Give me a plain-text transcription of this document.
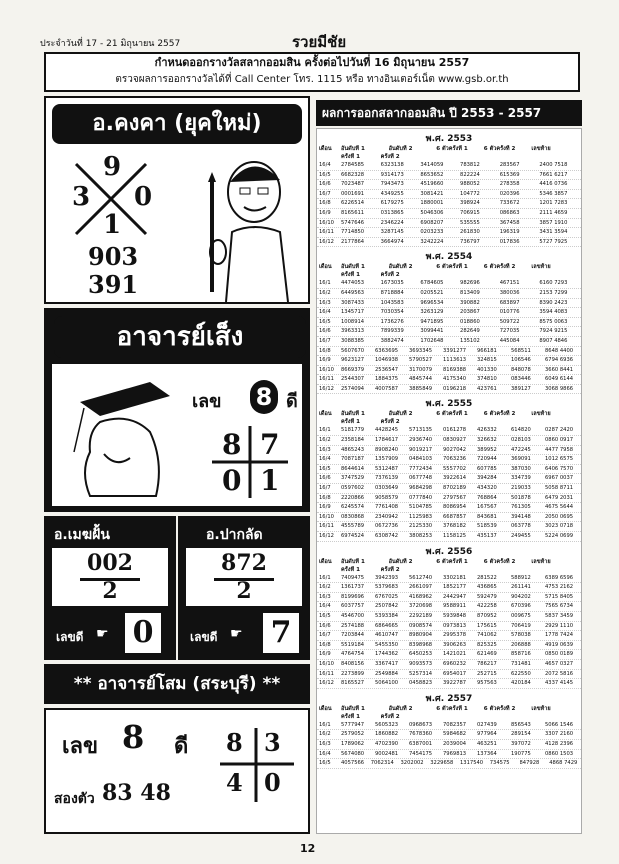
ประจำวันที่ 17 - 21 มิถุนายน 2557	รวยมีชัย
กำหนดออกรางวัลสลากออมสิน ครั้งต่อไปวันที่ 16 มิถุนายน 2557
ตรวจผลการออกรางวัลได้ที่ Call Center โทร. 1115 หรือ ทางอินเตอร์เน็ต www.gsb.or.th
อ.คงคา (ยุคใหม่)
9
3 0
1
903
391
อาจารย์เส็ง
เลข 8 ดี
8 7
0 1
อ.เมฆฝั้น
002
2
เลขดี ☛ 0
อ.ปากลัด
872
2
เลขดี ☛ 7
** อาจารย์โสม (สระบุรี) **
เลข 8 ดี
สองตัว 83 48
8 3
4 0
ผลการออกสลากออมสิน ปี 2553 - 2557
พ.ศ. 2553
เดือน	อันดับที่ 1	อันดับที่ 2	6 ตัวครั้งที่ 1	6 ตัวครั้งที่ 2	เลขท้าย
ครั้งที่ 1	ครั้งที่ 2
16/4	2784585	6323138	3414059	783812	283567	2400 7518
16/5	6682328	9314173	8653652	822224	615369	7661 6217
16/6	7023487	7943473	4519660	988052	278358	4416 0736
16/7	0001691	4349255	3081421	104772	020396	5346 3857
16/8	6226514	6179275	1880001	398924	733672	1201 7283
16/9	8165611	0313865	5046306	706915	086863	2111 4659
16/10	5747646	2346224	6908207	535555	367458	3857 1910
16/11	7714850	3287145	0203233	261830	196319	3431 3594
16/12	2177864	3664974	3242224	736797	017836	5727 7925
พ.ศ. 2554
เดือน	อันดับที่ 1	อันดับที่ 2	6 ตัวครั้งที่ 1	6 ตัวครั้งที่ 2	เลขท้าย
ครั้งที่ 1	ครั้งที่ 2
16/1	4474053	1673035	6784605	982696	467151	6160 7293
16/2	6449563	8718884	0205521	813409	380036	2153 7299
16/3	3087433	1043583	9696534	390882	683897	8390 2423
16/4	1345717	7030354	3263129	203867	010776	3594 4083
16/5	1008914	1736276	9471895	018860	509722	8575 0063
16/6	3963313	7899339	3099441	282649	727035	7924 9215
16/7	3088385	3882474	1702648	135102	445084	8907 4846
16/8	5607670	6363695	3693345	3391277	966181	568511	8648 4400
16/9	9623127	1046938	5790527	1113613	324815	106546	6794 6936
16/10	8669379	2536547	3170079	8169388	401330	848078	3660 8441
16/11	2544307	1884375	4845744	4175340	374810	083446	6049 6144
16/12	2574094	4007587	3885849	0196218	423761	389127	3068 9866
พ.ศ. 2555
เดือน	อันดับที่ 1	อันดับที่ 2	6 ตัวครั้งที่ 1	6 ตัวครั้งที่ 2	เลขท้าย
ครั้งที่ 1	ครั้งที่ 2
16/1	5181779	4428245	5713135	0161278	426332	614820	0287 2420
16/2	2358184	1784617	2936740	0830927	326632	028103	0860 0917
16/3	4865243	8908240	9019217	9027042	389952	472245	4477 7958
16/4	7087187	1357909	0484103	7063236	720944	369091	1012 6575
16/5	8644614	5312487	7772434	5557702	607785	387030	6406 7570
16/6	3747529	7376139	0677748	3922614	394284	334739	6967 0037
16/7	0597602	0303649	9684298	8702189	434320	219033	5058 8711
16/8	2220866	9058579	0777840	2797567	768864	501878	6479 2031
16/9	6245574	7761408	5104785	8086954	167567	761305	4675 5644
16/10	0830868	2340942	1125983	6687857	843681	394148	2050 0695
16/11	4555789	0672736	2125330	3768182	518539	063778	3023 0718
16/12	6974524	6308742	3808253	1158125	435137	249455	5224 0699
พ.ศ. 2556
เดือน	อันดับที่ 1	อันดับที่ 2	6 ตัวครั้งที่ 1	6 ตัวครั้งที่ 2	เลขท้าย
ครั้งที่ 1	ครั้งที่ 2
16/1	7409475	3942393	5612740	3302181	281522	588912	6389 6596
16/2	1361737	5379683	2661097	1852177	436865	261141	4753 2162
16/3	8199696	6767025	4168962	2442947	592479	904202	5715 8405
16/4	6037757	2507842	3720698	9588911	422258	670396	7565 6734
16/5	4546700	5393384	2292189	5939848	870952	009675	5837 3459
16/6	2574188	6864665	0908574	0973813	175615	706419	2929 1110
16/7	7203844	4610747	8980904	2995378	741062	578038	1778 7424
16/8	5519184	5455350	8398968	3906263	825325	206888	4919 0639
16/9	4764754	1744362	6450253	1421021	621469	858716	0850 0189
16/10	8408156	3367417	9093573	6960232	786217	731481	4657 0327
16/11	2273899	2549884	5257314	6954017	252715	622550	2072 5816
16/12	8165527	5064100	0458823	3922787	957563	420184	4337 4145
พ.ศ. 2557
เดือน	อันดับที่ 1	อันดับที่ 2	6 ตัวครั้งที่ 1	6 ตัวครั้งที่ 2	เลขท้าย
ครั้งที่ 1	ครั้งที่ 2
16/1	5777947	5605323	0968673	7082357	027439	856543	5066 1546
16/2	2579052	1860882	7678360	5984682	977964	289154	3307 2160
16/3	1789062	4702390	6387001	2039004	463251	397072	4128 2396
16/4	5674080	9002481	7454175	7969813	137364	190775	0860 1503
16/5	4057566	7062314	3202002	3229658	1317540	734575	847928	4868 7429
12
